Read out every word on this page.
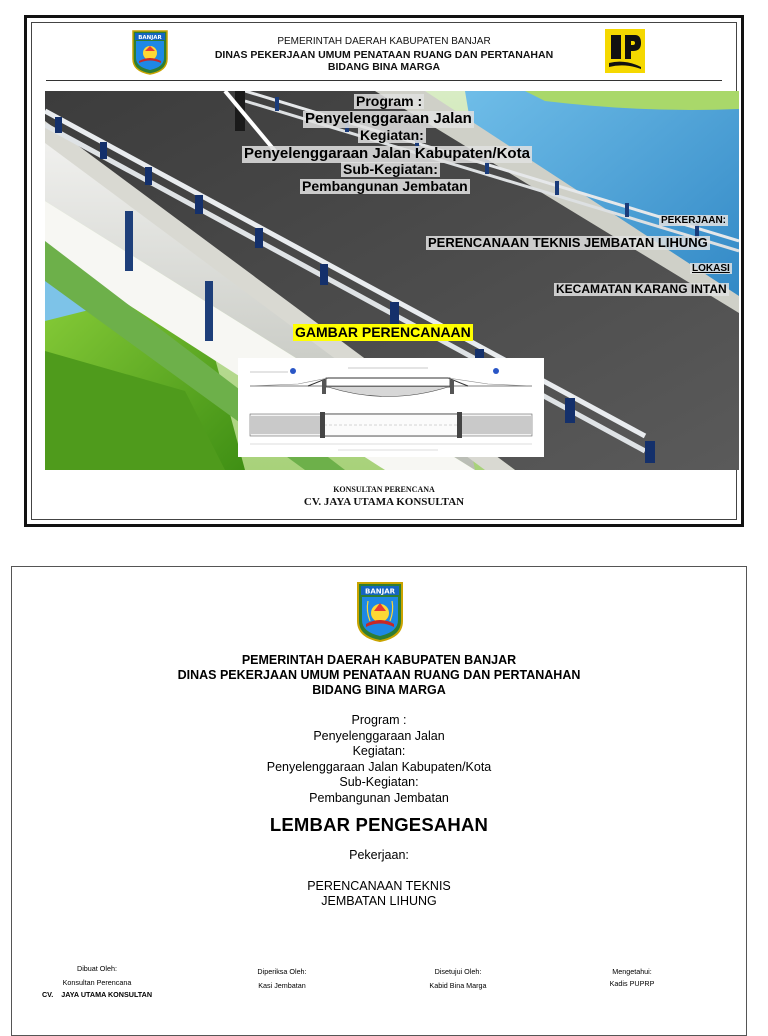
BANJAR	PEMERINTAH DAERAH KABUPATEN BANJAR
DINAS PEKERJAAN UMUM PENATAAN RUANG DAN PERTANAHAN
BIDANG BINA MARGA
Program :
Penyelenggaraan Jalan
Kegiatan:
Penyelenggaraan Jalan Kabupaten/Kota
Sub-Kegiatan:
Pembangunan Jembatan
PEKERJAAN:
PERENCANAAN TEKNIS JEMBATAN LIHUNG
LOKASI
KECAMATAN KARANG INTAN
GAMBAR PERENCANAAN
KONSULTAN PERENCANA
CV. JAYA UTAMA KONSULTAN
BANJAR
PEMERINTAH DAERAH KABUPATEN BANJAR
DINAS PEKERJAAN UMUM PENATAAN RUANG DAN PERTANAHAN
BIDANG BINA MARGA
Program :
Penyelenggaraan Jalan
Kegiatan:
Penyelenggaraan Jalan Kabupaten/Kota
Sub-Kegiatan:
Pembangunan Jembatan
LEMBAR PENGESAHAN
Pekerjaan:
PERENCANAAN TEKNIS
JEMBATAN LIHUNG
Dibuat Oleh:
Konsultan Perencana
CV. JAYA UTAMA KONSULTAN
Diperiksa Oleh:
Kasi Jembatan
Disetujui Oleh:
Kabid Bina Marga
Mengetahui:
Kadis PUPRP
